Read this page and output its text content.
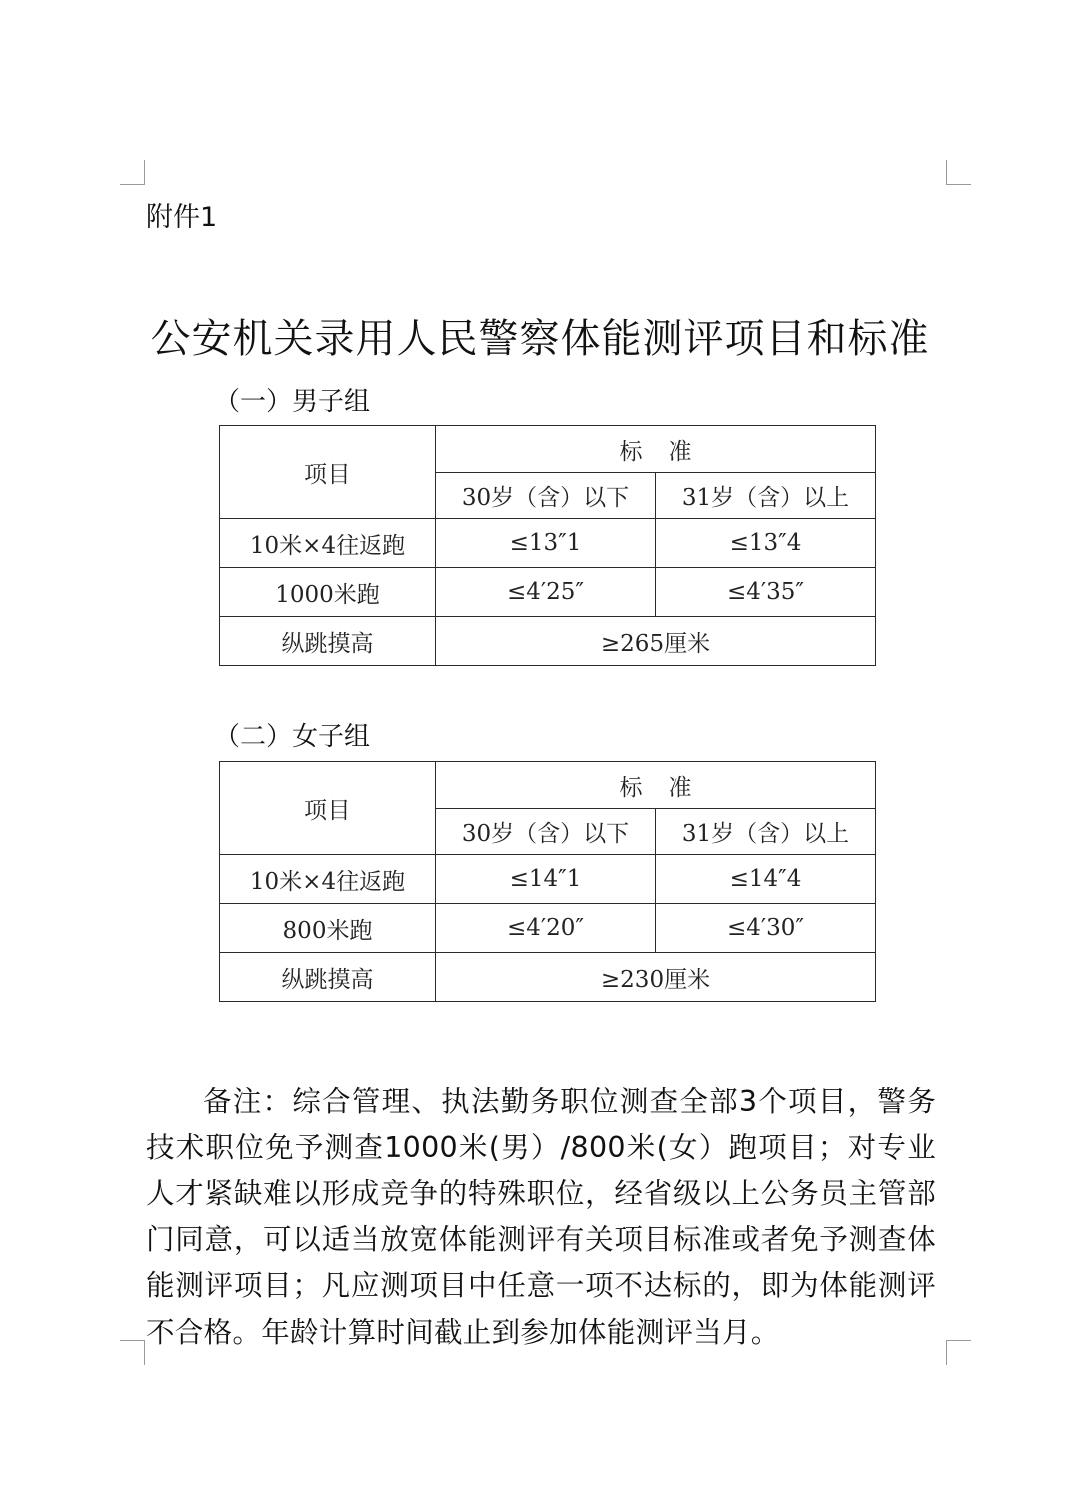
附件1
公安机关录用人民警察体能测评项目和标准
（一）男子组
项目	标准	
	30岁（含）以下	31岁（含）以上
10米×4往返跑	≤13″1	≤13″4
1000米跑	≤4′25″	≤4′35″
纵跳摸高	≥265厘米	
（二）女子组
项目	标准	
	30岁（含）以下	31岁（含）以上
10米×4往返跑	≤14″1	≤14″4
800米跑	≤4′20″	≤4′30″
纵跳摸高	≥230厘米	

备注：综合管理、执法勤务职位测查全部3个项目，警务技术职位免予测查1000米(男）/800米(女）跑项目；对专业人才紧缺难以形成竞争的特殊职位，经省级以上公务员主管部门同意，可以适当放宽体能测评有关项目标准或者免予测查体能测评项目；凡应测项目中任意一项不达标的，即为体能测评不合格。年龄计算时间截止到参加体能测评当月。
